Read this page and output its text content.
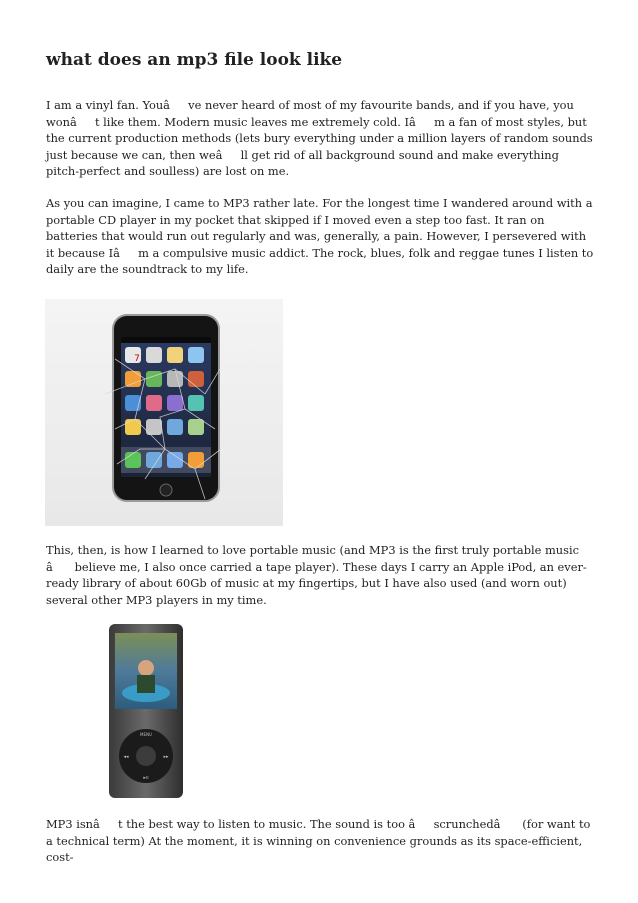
what does an mp3 file look like

I am a vinyl fan. Youâve never heard of most of my favourite bands, and if you have, you wonât like them. Modern music leaves me extremely cold. Iâm a fan of most styles, but the current production methods (lets bury everything under a million layers of random sounds just because we can, then weâll get rid of all background sound and make everything pitch-perfect and soulless) are lost on me.

As you can imagine, I came to MP3 rather late. For the longest time I wandered around with a portable CD player in my pocket that skipped if I moved even a step too fast. It ran on batteries that would run out regularly and was, generally, a pain. However, I persevered with it because Iâm a compulsive music addict. The rock, blues, folk and reggae tunes I listen to daily are the soundtrack to my life.

7

This, then, is how I learned to love portable music (and MP3 is the first truly portable music â believe me, I also once carried a tape player). These days I carry an Apple iPod, an ever-ready library of about 60Gb of music at my fingertips, but I have also used (and worn out) several other MP3 players in my time.

MENU
◂◂	▸▸
▸ıı

MP3 isnât the best way to listen to music. The sound is too âscrunchedâ (for want to a technical term) At the moment, it is winning on convenience grounds as its space-efficient, cost-
